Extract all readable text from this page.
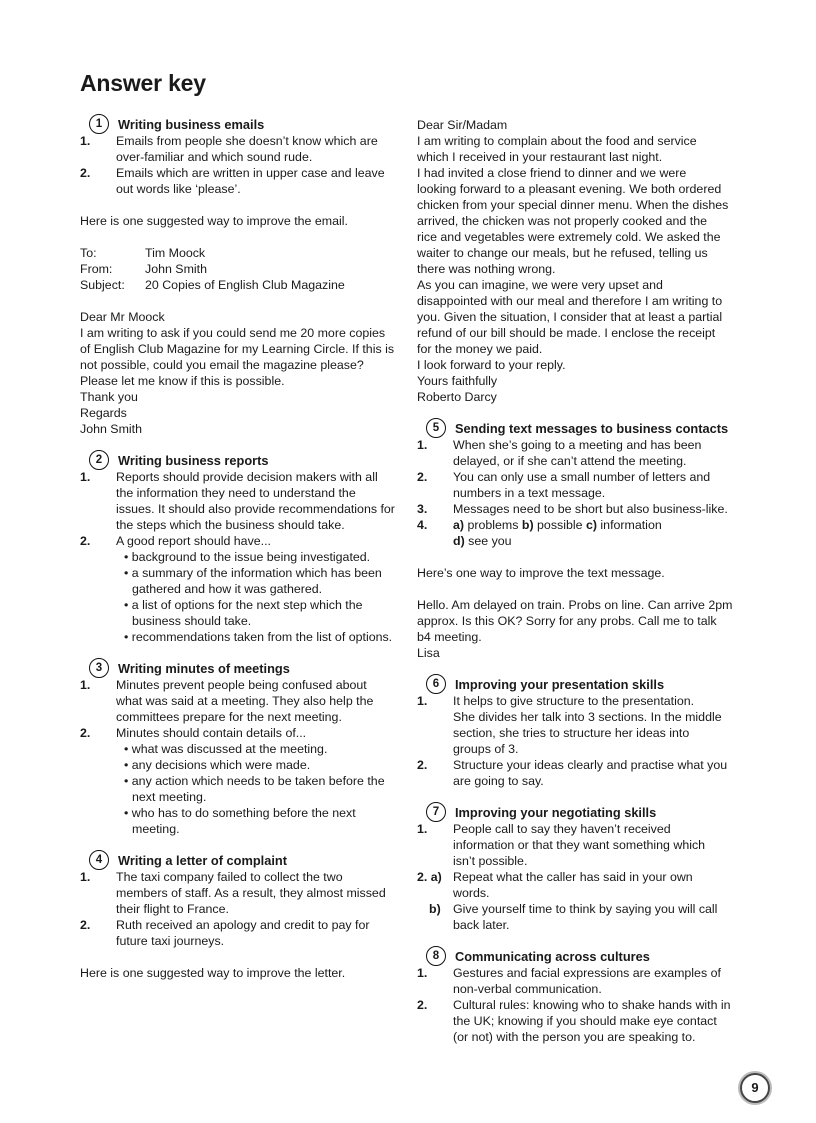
Answer key
1	Writing business emails
1. Emails from people she doesn’t know which are
over-familiar and which sound rude.
2. Emails which are written in upper case and leave
out words like ‘please’.
Here is one suggested way to improve the email.
To:	Tim Moock
From:	John Smith
Subject: 20 Copies of English Club Magazine
Dear Mr Moock
I am writing to ask if you could send me 20 more copies
of English Club Magazine for my Learning Circle. If this is
not possible, could you email the magazine please?
Please let me know if this is possible.
Thank you
Regards
John Smith
2	Writing business reports
1. Reports should provide decision makers with all
the information they need to understand the
issues. It should also provide recommendations for
the steps which the business should take.
2. A good report should have...
• background to the issue being investigated.
• a summary of the information which has been
gathered and how it was gathered.
• a list of options for the next step which the
business should take.
• recommendations taken from the list of options.
3	Writing minutes of meetings
1. Minutes prevent people being confused about
what was said at a meeting. They also help the
committees prepare for the next meeting.
2. Minutes should contain details of...
• what was discussed at the meeting.
• any decisions which were made.
• any action which needs to be taken before the
next meeting.
• who has to do something before the next
meeting.
4	Writing a letter of complaint
1. The taxi company failed to collect the two
members of staff. As a result, they almost missed
their flight to France.
2. Ruth received an apology and credit to pay for
future taxi journeys.
Here is one suggested way to improve the letter.
Dear Sir/Madam
I am writing to complain about the food and service
which I received in your restaurant last night.
I had invited a close friend to dinner and we were
looking forward to a pleasant evening. We both ordered
chicken from your special dinner menu. When the dishes
arrived, the chicken was not properly cooked and the
rice and vegetables were extremely cold. We asked the
waiter to change our meals, but he refused, telling us
there was nothing wrong.
As you can imagine, we were very upset and
disappointed with our meal and therefore I am writing to
you. Given the situation, I consider that at least a partial
refund of our bill should be made. I enclose the receipt
for the money we paid.
I look forward to your reply.
Yours faithfully
Roberto Darcy
5	Sending text messages to business contacts
1. When she’s going to a meeting and has been
delayed, or if she can’t attend the meeting.
2. You can only use a small number of letters and
numbers in a text message.
3. Messages need to be short but also business-like.
4. a) problems b) possible c) information
d) see you
Here’s one way to improve the text message.
Hello. Am delayed on train. Probs on line. Can arrive 2pm
approx. Is this OK? Sorry for any probs. Call me to talk
b4 meeting.
Lisa
6	Improving your presentation skills
1. It helps to give structure to the presentation.
She divides her talk into 3 sections. In the middle
section, she tries to structure her ideas into
groups of 3.
2. Structure your ideas clearly and practise what you
are going to say.
7	Improving your negotiating skills
1. People call to say they haven’t received
information or that they want something which
isn’t possible.
2. a) Repeat what the caller has said in your own
words.
b) Give yourself time to think by saying you will call
back later.
8	Communicating across cultures
1. Gestures and facial expressions are examples of
non-verbal communication.
2. Cultural rules: knowing who to shake hands with in
the UK; knowing if you should make eye contact
(or not) with the person you are speaking to.
9
